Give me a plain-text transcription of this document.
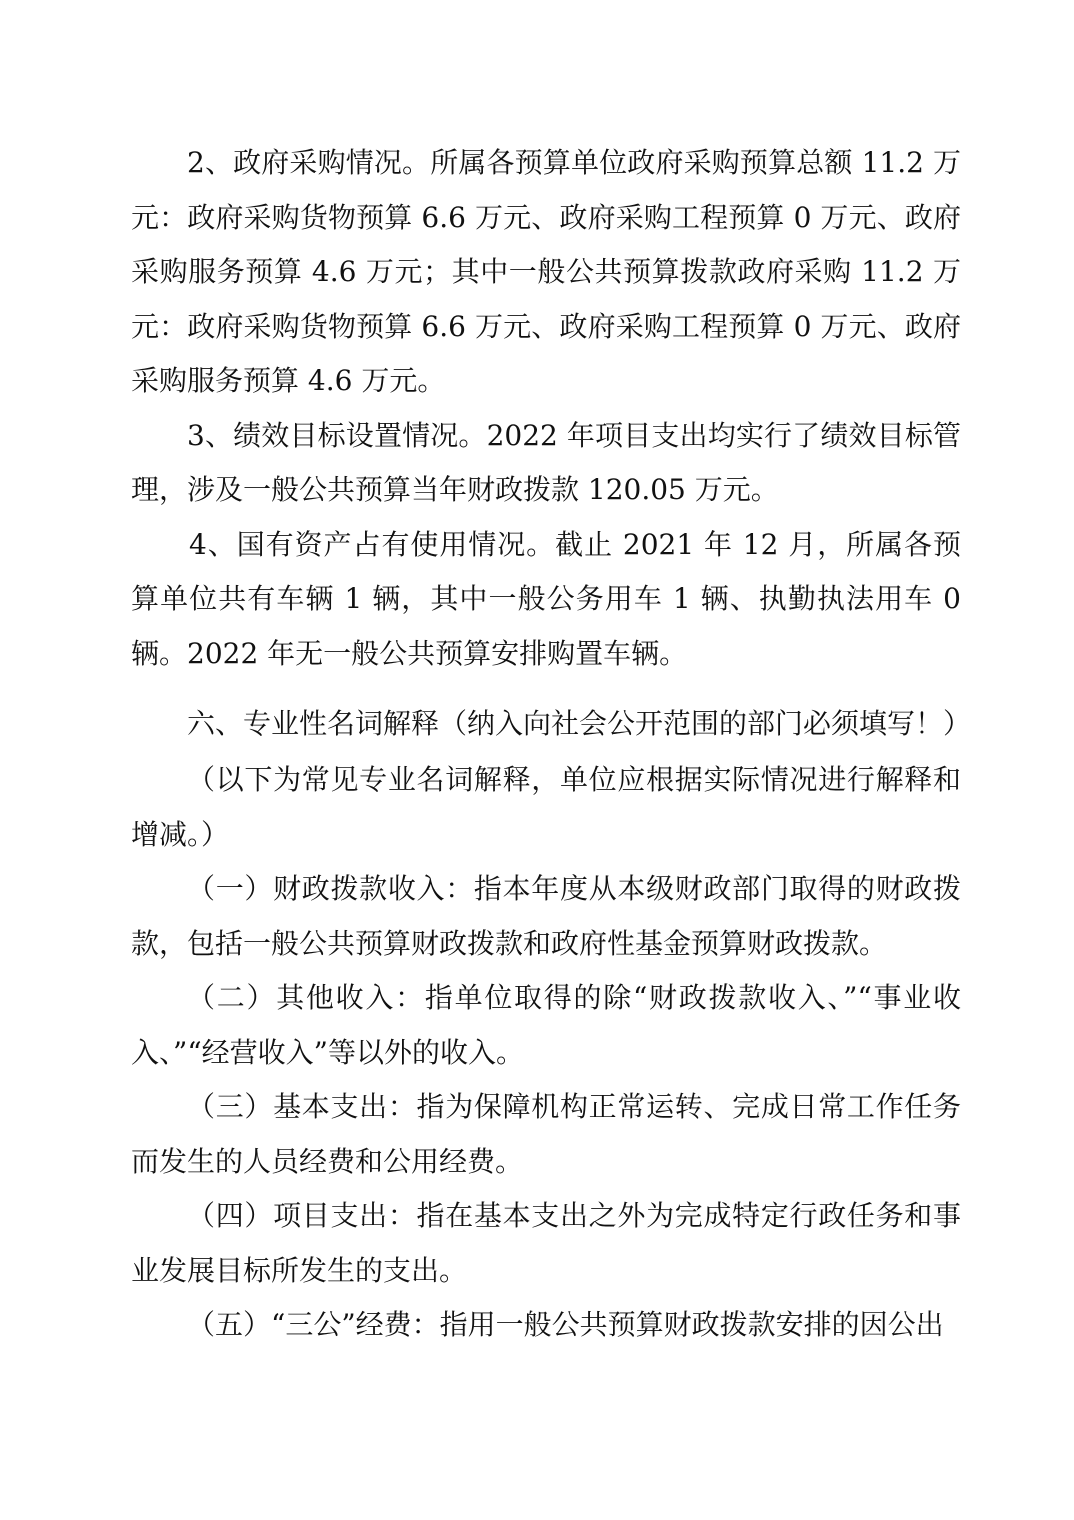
2、政府采购情况。所属各预算单位政府采购预算总额 11.2 万元：政府采购货物预算 6.6 万元、政府采购工程预算 0 万元、政府采购服务预算 4.6 万元；其中一般公共预算拨款政府采购 11.2 万元：政府采购货物预算 6.6 万元、政府采购工程预算 0 万元、政府采购服务预算 4.6 万元。

3、绩效目标设置情况。2022 年项目支出均实行了绩效目标管理，涉及一般公共预算当年财政拨款 120.05 万元。

4、国有资产占有使用情况。截止 2021 年 12 月，所属各预算单位共有车辆 1 辆，其中一般公务用车 1 辆、执勤执法用车 0 辆。2022 年无一般公共预算安排购置车辆。

六、专业性名词解释（纳入向社会公开范围的部门必须填写！）

（以下为常见专业名词解释，单位应根据实际情况进行解释和增减。）

（一）财政拨款收入：指本年度从本级财政部门取得的财政拨款，包括一般公共预算财政拨款和政府性基金预算财政拨款。

（二）其他收入：指单位取得的除“财政拨款收入、”“事业收入、”“经营收入”等以外的收入。

（三）基本支出：指为保障机构正常运转、完成日常工作任务而发生的人员经费和公用经费。

（四）项目支出：指在基本支出之外为完成特定行政任务和事业发展目标所发生的支出。

（五）“三公”经费：指用一般公共预算财政拨款安排的因公出
